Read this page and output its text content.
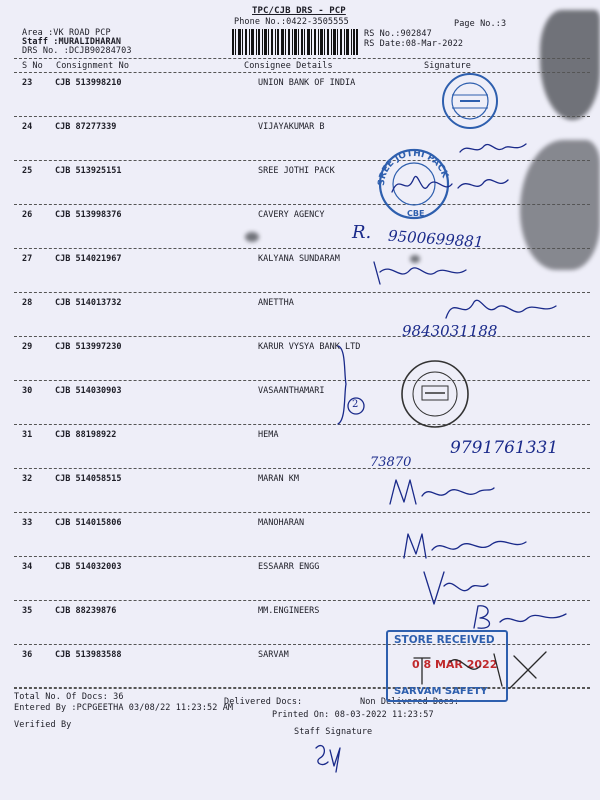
TPC/CJB DRS - PCP
Phone No.:0422-3505555	Page No.:3
Area :VK ROAD PCP
Staff :MURALIDHARAN
DRS No. :DCJB90284703
RS No.:902847
RS Date:08-Mar-2022
S No Consignment No	Consignee Details	Signature
23	CJB 513998210	UNION BANK OF INDIA
24	CJB 87277339	VIJAYAKUMAR B
25	CJB 513925151	SREE JOTHI PACK
26	CJB 513998376	CAVERY AGENCY
27	CJB 514021967	KALYANA SUNDARAM
28	CJB 514013732	ANETTHA
29	CJB 513997230	KARUR VYSYA BANK LTD
30	CJB 514030903	VASAANTHAMARI
31	CJB 88198922	HEMA
32	CJB 514058515	MARAN KM
33	CJB 514015806	MANOHARAN
34	CJB 514032003	ESSAARR ENGG
35	CJB 88239876	MM.ENGINEERS
36	CJB 513983588	SARVAM
Total No. Of Docs: 36	Delivered Docs:	Non Delivered Docs:
Entered By :PCPGEETHA 03/08/22 11:23:52 AM
Printed On: 08-03-2022 11:23:57
Verified By
Staff Signature
SREE JOTHI PACK
CBE
STORE RECEIVED
0 8 MAR 2022
SARVAM SAFETY
R. 9500699881
9843031188
2
9791761331
73870
